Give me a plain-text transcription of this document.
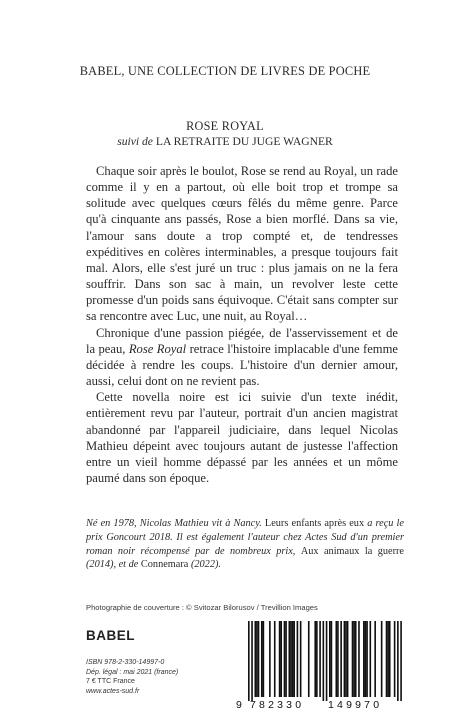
BABEL, UNE COLLECTION DE LIVRES DE POCHE
ROSE ROYAL
suivi de LA RETRAITE DU JUGE WAGNER

Chaque soir après le boulot, Rose se rend au Royal, un rade comme il y en a partout, où elle boit trop et trompe sa solitude avec quelques cœurs fêlés du même genre. Parce qu'à cinquante ans passés, Rose a bien morflé. Dans sa vie, l'amour sans doute a trop compté et, de tendresses expéditives en colères interminables, a presque toujours fait mal. Alors, elle s'est juré un truc : plus jamais on ne la fera souffrir. Dans son sac à main, un revolver leste cette promesse d'un poids sans équivoque. C'était sans compter sur sa rencontre avec Luc, une nuit, au Royal…

Chronique d'une passion piégée, de l'asservissement et de la peau, Rose Royal retrace l'histoire implacable d'une femme décidée à rendre les coups. L'histoire d'un dernier amour, aussi, celui dont on ne revient pas.

Cette novella noire est ici suivie d'un texte inédit, entièrement revu par l'auteur, portrait d'un ancien magistrat abandonné par l'appareil judiciaire, dans lequel Nicolas Mathieu dépeint avec toujours autant de justesse l'affection entre un vieil homme dépassé par les années et un môme paumé dans son époque.

Né en 1978, Nicolas Mathieu vit à Nancy. Leurs enfants après eux a reçu le prix Goncourt 2018. Il est également l'auteur chez Actes Sud d'un premier roman noir récompensé par de nombreux prix, Aux animaux la guerre (2014), et de Connemara (2022).
Photographie de couverture : © Svitozar Bilorusov / Trevillion Images
BABEL
ISBN 978-2-330-14997-0
Dép. légal : mai 2021 (france)
7 € TTC France
www.actes-sud.fr
9 782330 149970
